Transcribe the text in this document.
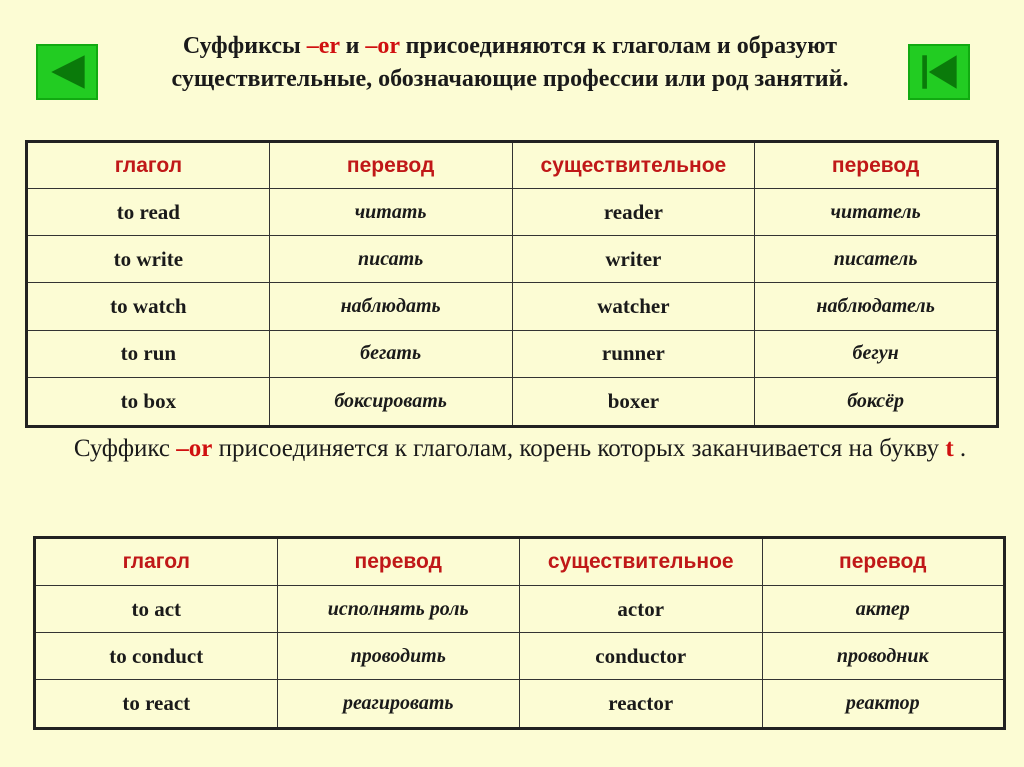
Суффиксы –er и –or присоединяются к глаголам и образуют существительные, обозначающие профессии или род занятий.
глагол	перевод	существительное	перевод
to read	читать	reader	читатель
to write	писать	writer	писатель
to watch	наблюдать	watcher	наблюдатель
to run	бегать	runner	бегун
to box	боксировать	boxer	боксёр
Суффикс –or присоединяется к глаголам, корень которых заканчивается на букву t .
глагол	перевод	существительное	перевод
to act	исполнять роль	actor	актер
to conduct	проводить	conductor	проводник
to react	реагировать	reactor	реактор
